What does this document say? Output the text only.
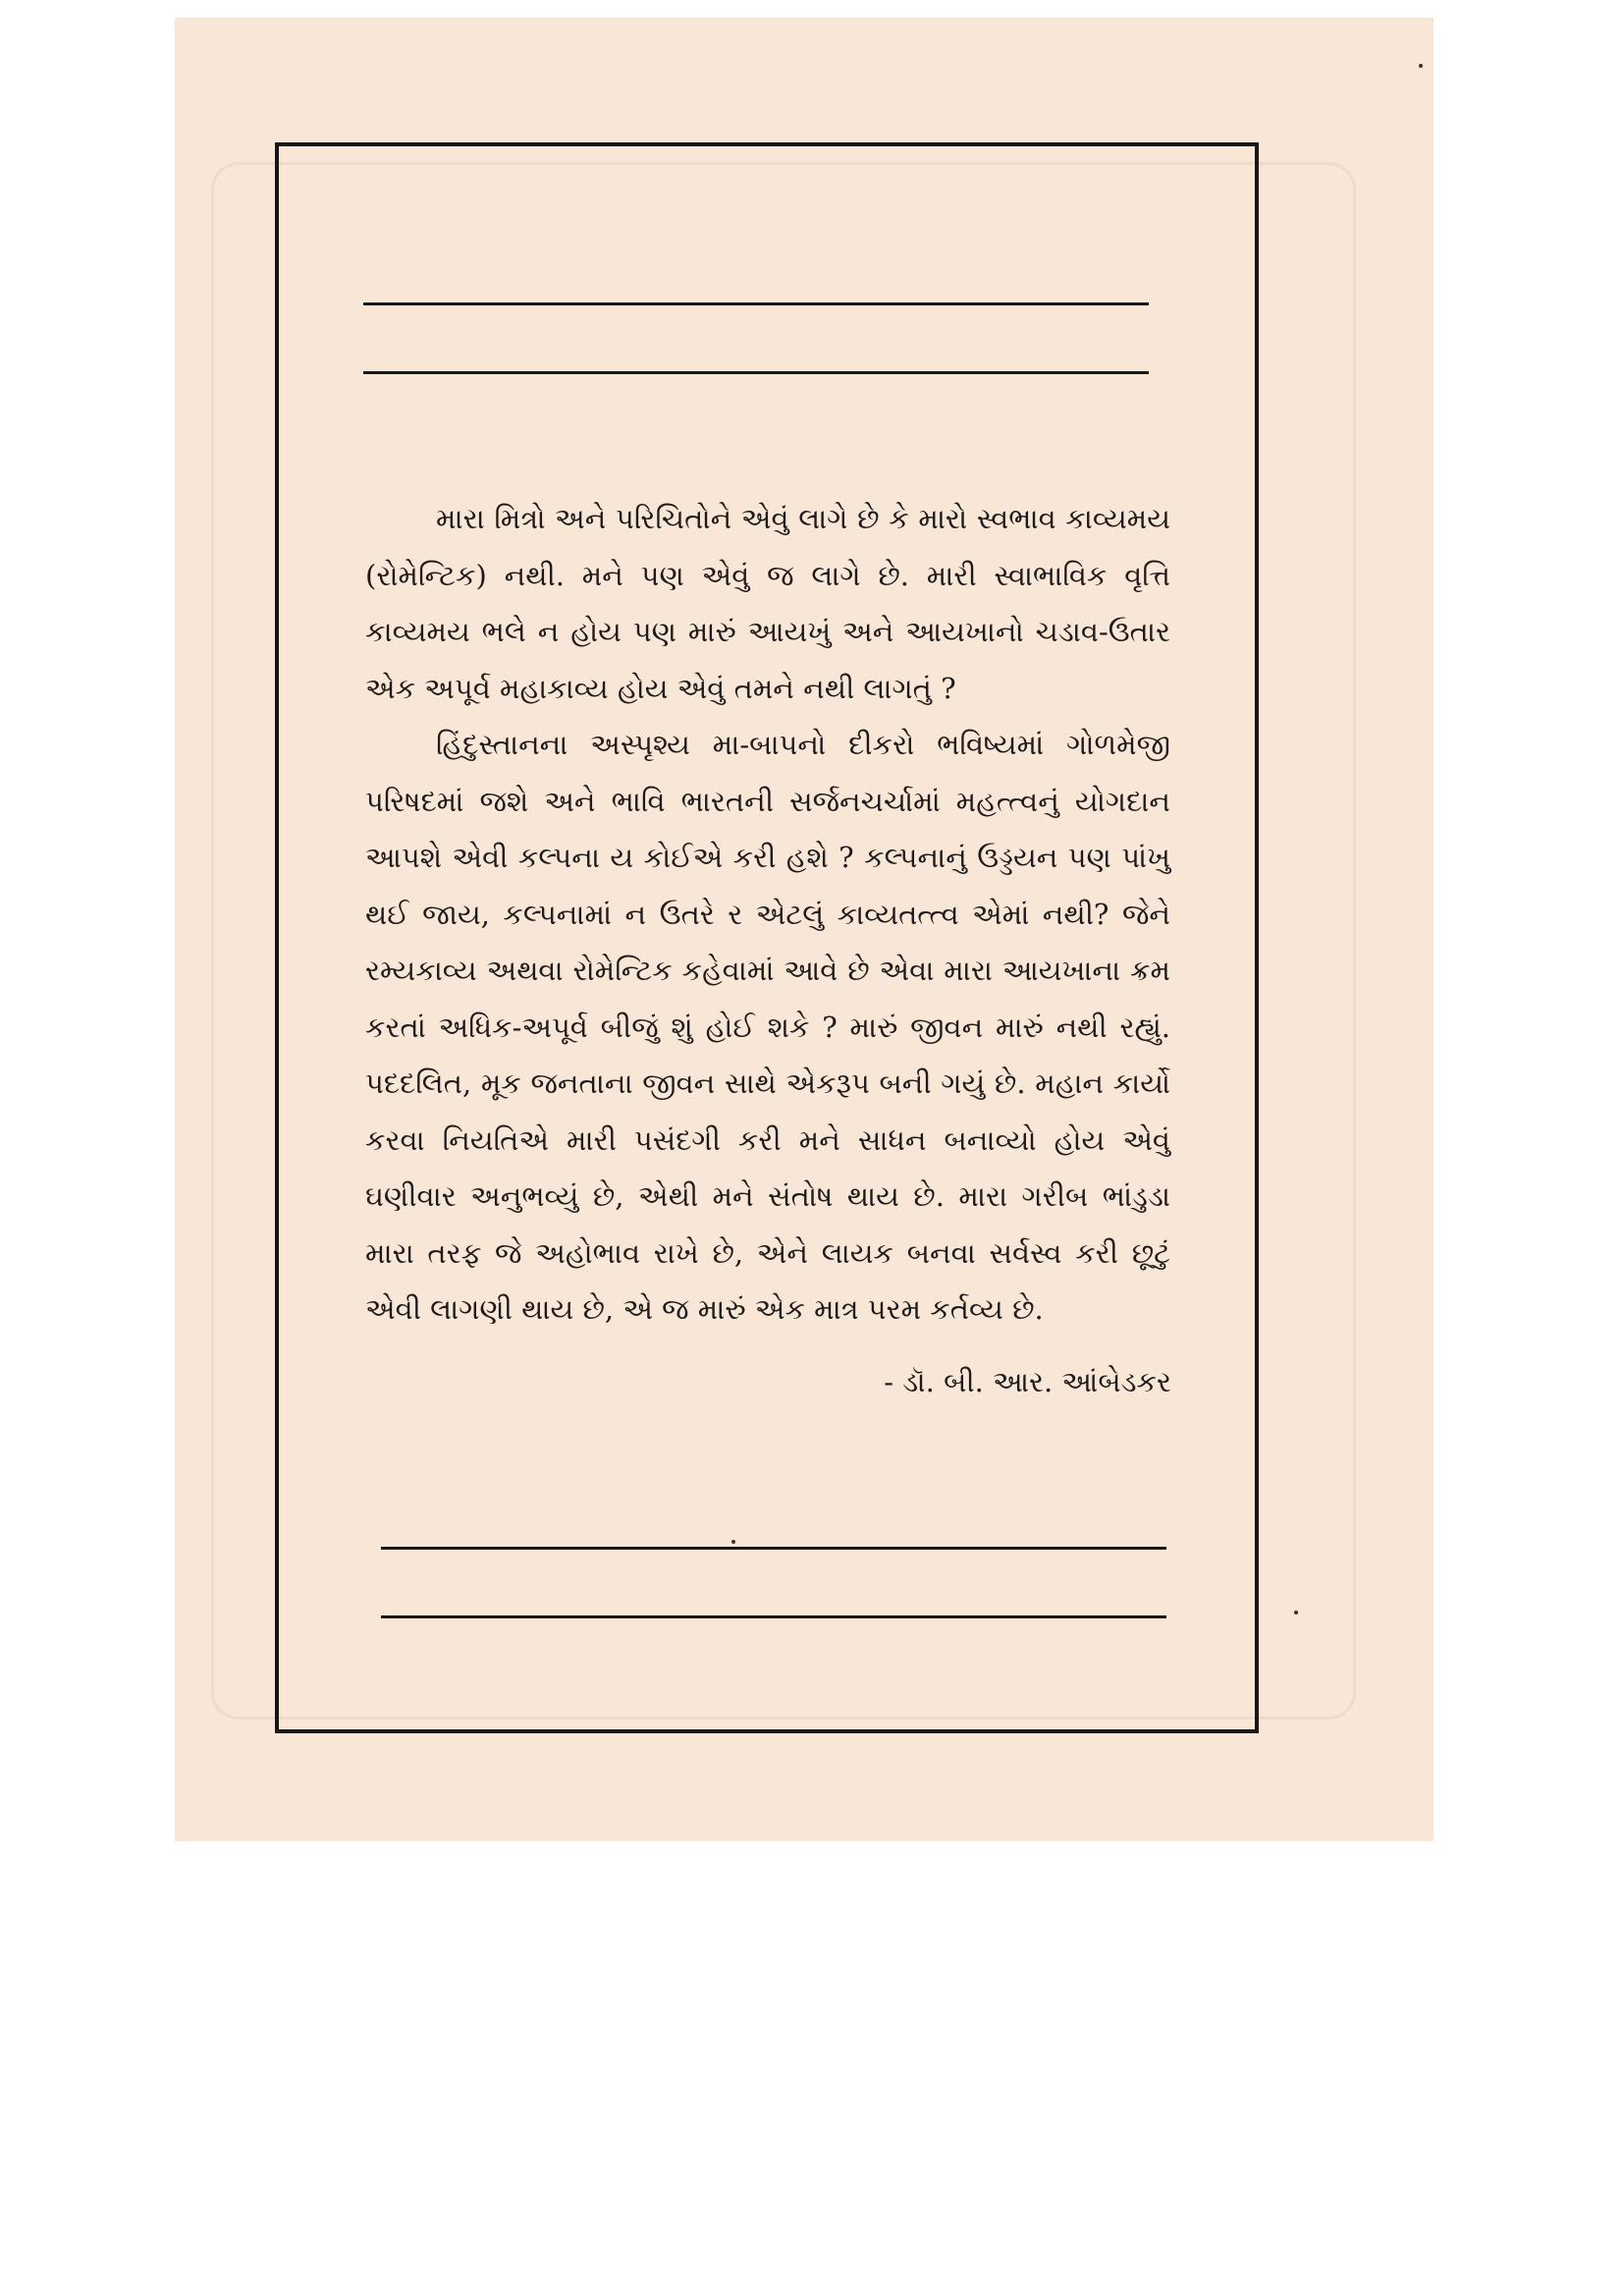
મારા મિત્રો અને પરિચિતોને એવું લાગે છે કે મારો સ્વભાવ કાવ્યમય (રોમેન્ટિક) નથી. મને પણ એવું જ લાગે છે. મારી સ્વાભાવિક વૃત્તિ કાવ્યમય ભલે ન હોય પણ મારું આયખું અને આયખાનો ચડાવ-ઉતાર એક અપૂર્વ મહાકાવ્ય હોય એવું તમને નથી લાગતું ?

હિંદુસ્તાનના અસ્પૃશ્ય મા-બાપનો દીકરો ભવિષ્યમાં ગોળમેજી પરિષદમાં જશે અને ભાવિ ભારતની સર્જનચર્ચામાં મહત્ત્વનું યોગદાન આપશે એવી કલ્પના ય કોઈએ કરી હશે ? કલ્પનાનું ઉડ્ડયન પણ પાંખુ થઈ જાય, કલ્પનામાં ન ઉતરે ર એટલું કાવ્યતત્ત્વ એમાં નથી? જેને રમ્યકાવ્ય અથવા રોમેન્ટિક કહેવામાં આવે છે એવા મારા આયખાના ક્રમ કરતાં અધિક-અપૂર્વ બીજું શું હોઈ શકે ? મારું જીવન મારું નથી રહ્યું. પદદલિત, મૂક જનતાના જીવન સાથે એકરૂપ બની ગયું છે. મહાન કાર્યો કરવા નિયતિએ મારી પસંદગી કરી મને સાધન બનાવ્યો હોય એવું ઘણીવાર અનુભવ્યું છે, એથી મને સંતોષ થાય છે. મારા ગરીબ ભાંડુડા મારા તરફ જે અહોભાવ રાખે છે, એને લાયક બનવા સર્વસ્વ કરી છૂટું એવી લાગણી થાય છે, એ જ મારું એક માત્ર પરમ કર્તવ્ય છે.

- ડૉ. બી. આર. આંબેડકર
